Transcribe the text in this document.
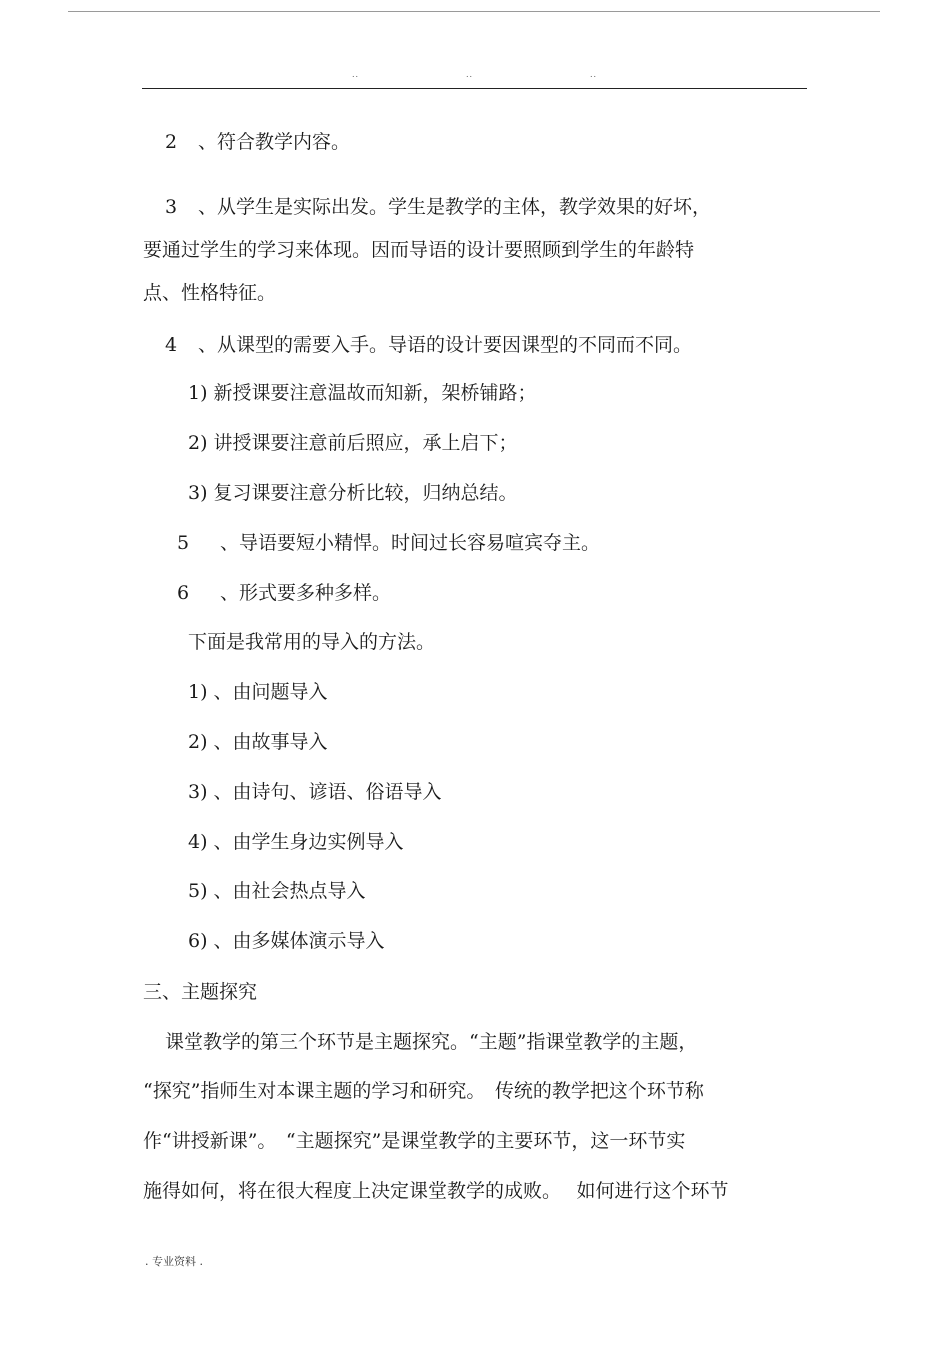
..	..	..
2 、符合教学内容。
3 、从学生是实际出发。学生是教学的主体，教学效果的好坏，
要通过学生的学习来体现。因而导语的设计要照顾到学生的年龄特
点、性格特征。
4 、从课型的需要入手。导语的设计要因课型的不同而不同。
1) 新授课要注意温故而知新，架桥铺路；
2) 讲授课要注意前后照应，承上启下；
3) 复习课要注意分析比较，归纳总结。
5 、导语要短小精悍。时间过长容易喧宾夺主。
6 、形式要多种多样。
下面是我常用的导入的方法。
1) 、由问题导入
2) 、由故事导入
3) 、由诗句、谚语、俗语导入
4) 、由学生身边实例导入
5) 、由社会热点导入
6) 、由多媒体演示导入
三、主题探究
课堂教学的第三个环节是主题探究。“主题”指课堂教学的主题，
“探究”指师生对本课主题的学习和研究。　传统的教学把这个环节称
作“讲授新课”。　“主题探究”是课堂教学的主要环节，这一环节实
施得如何，将在很大程度上决定课堂教学的成败。　 如何进行这个环节
. 专业资料 .
